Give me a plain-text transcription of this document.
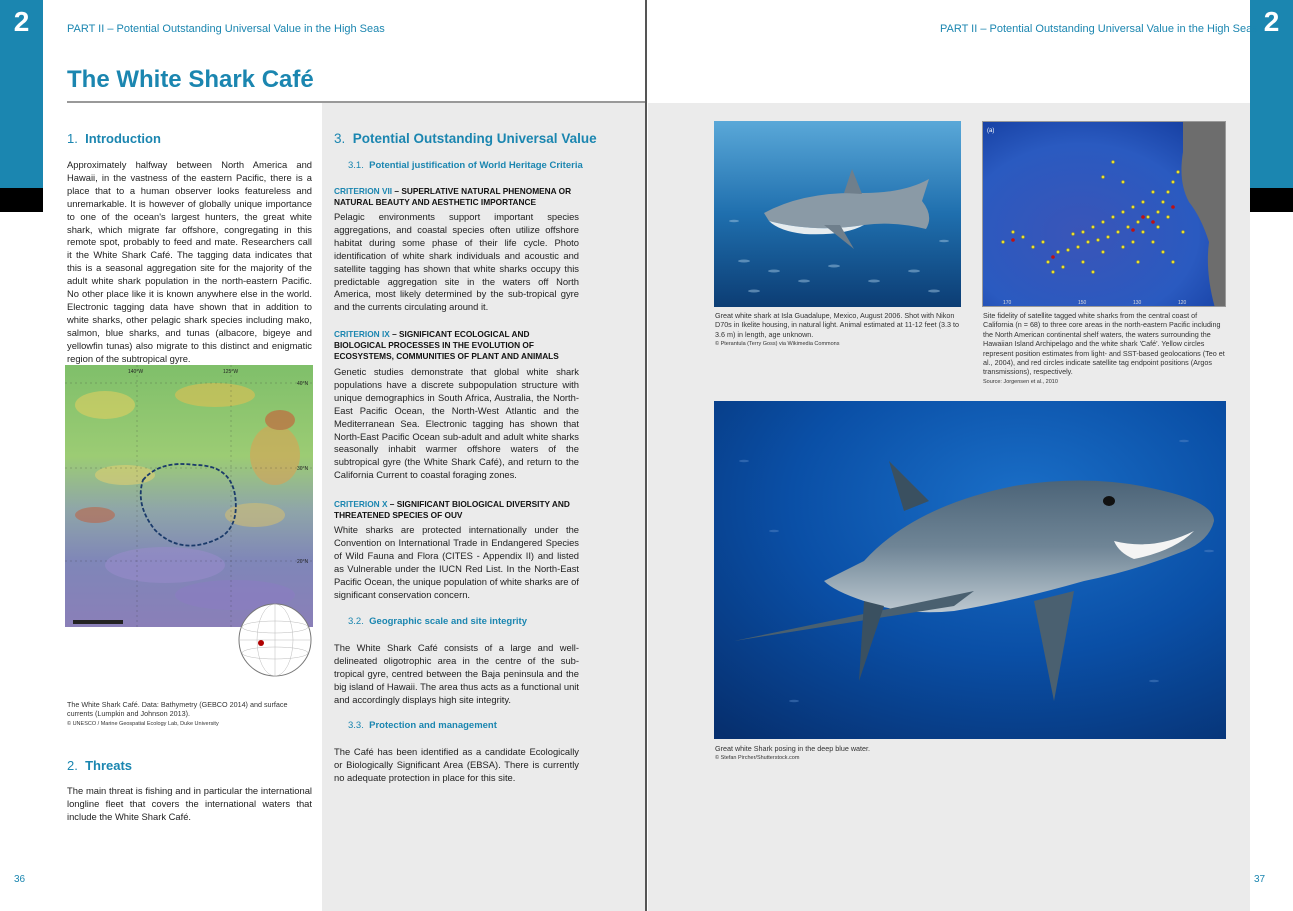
2	PART II – Potential Outstanding Universal Value in the High Seas
The White Shark Café
1. Introduction
Approximately halfway between North America and Hawaii, in the vastness of the eastern Pacific, there is a place that to a human observer looks featureless and unremarkable. It is however of globally unique importance to one of the ocean's largest hunters, the great white shark, which migrate far offshore, congregating in this remote spot, probably to feed and mate. Researchers call it the White Shark Café. The tagging data indicates that this is a seasonal aggregation site for the majority of the adult white shark population in the north-eastern Pacific. No other place like it is known anywhere else in the world. Electronic tagging data have shown that in addition to white sharks, other pelagic shark species including mako, salmon, blue sharks, and tunas (albacore, bigeye and yellowfin tunas) also migrate to this distinct and enigmatic region of the subtropical gyre.
140°W	125°W
40°N
30°N
20°N
The White Shark Café. Data: Bathymetry (GEBCO 2014) and surface currents (Lumpkin and Johnson 2013).
© UNESCO / Marine Geospatial Ecology Lab, Duke University
2. Threats
The main threat is fishing and in particular the international longline fleet that covers the international waters that include the White Shark Café.
3. Potential Outstanding Universal Value
3.1. Potential justification of World Heritage Criteria
CRITERION VII – SUPERLATIVE NATURAL PHENOMENA OR NATURAL BEAUTY AND AESTHETIC IMPORTANCE
Pelagic environments support important species aggregations, and coastal species often utilize offshore habitat during some phase of their life cycle. Photo identification of white shark individuals and acoustic and satellite tagging has shown that white sharks occupy this predictable aggregation site in the waters off North America, most likely determined by the sub-tropical gyre and the currents circulating around it.
CRITERION IX – SIGNIFICANT ECOLOGICAL AND BIOLOGICAL PROCESSES IN THE EVOLUTION OF ECOSYSTEMS, COMMUNITIES OF PLANT AND ANIMALS
Genetic studies demonstrate that global white shark populations have a discrete subpopulation structure with unique demographics in South Africa, Australia, the North-East Pacific Ocean, the North-West Atlantic and the Mediterranean Sea. Electronic tagging has shown that North-East Pacific Ocean sub-adult and adult white sharks seasonally inhabit warmer offshore waters of the subtropical gyre (the White Shark Café), and return to the California Current to coastal foraging zones.
CRITERION X – SIGNIFICANT BIOLOGICAL DIVERSITY AND THREATENED SPECIES OF OUV
White sharks are protected internationally under the Convention on International Trade in Endangered Species of Wild Fauna and Flora (CITES - Appendix II) and listed as Vulnerable under the IUCN Red List. In the North-East Pacific Ocean, the unique population of white sharks are of significant conservation concern.
3.2. Geographic scale and site integrity
The White Shark Café consists of a large and well-delineated oligotrophic area in the centre of the sub-tropical gyre, centred between the Baja peninsula and the big island of Hawaii. The area thus acts as a functional unit and accordingly displays high site integrity.
3.3. Protection and management
The Café has been identified as a candidate Ecologically or Biologically Significant Area (EBSA). There is currently no adequate protection in place for this site.
36
2
PART II – Potential Outstanding Universal Value in the High Seas
Great white shark at Isla Guadalupe, Mexico, August 2006. Shot with Nikon D70s in Ikelite housing, in natural light. Animal estimated at 11-12 feet (3.3 to 3.6 m) in length, age unknown.
© Pterantula (Terry Goss) via Wikimedia Commons
(a)
170	150	130	120
Site fidelity of satellite tagged white sharks from the central coast of California (n = 68) to three core areas in the north-eastern Pacific including the North American continental shelf waters, the waters surrounding the Hawaiian Island Archipelago and the white shark 'Café'. Yellow circles represent position estimates from light- and SST-based geolocations (Teo et al., 2004), and red circles indicate satellite tag endpoint positions (Argos transmissions), respectively.
Source: Jorgensen et al., 2010
Great white Shark posing in the deep blue water.
© Stefan Pircher/Shutterstock.com
37
